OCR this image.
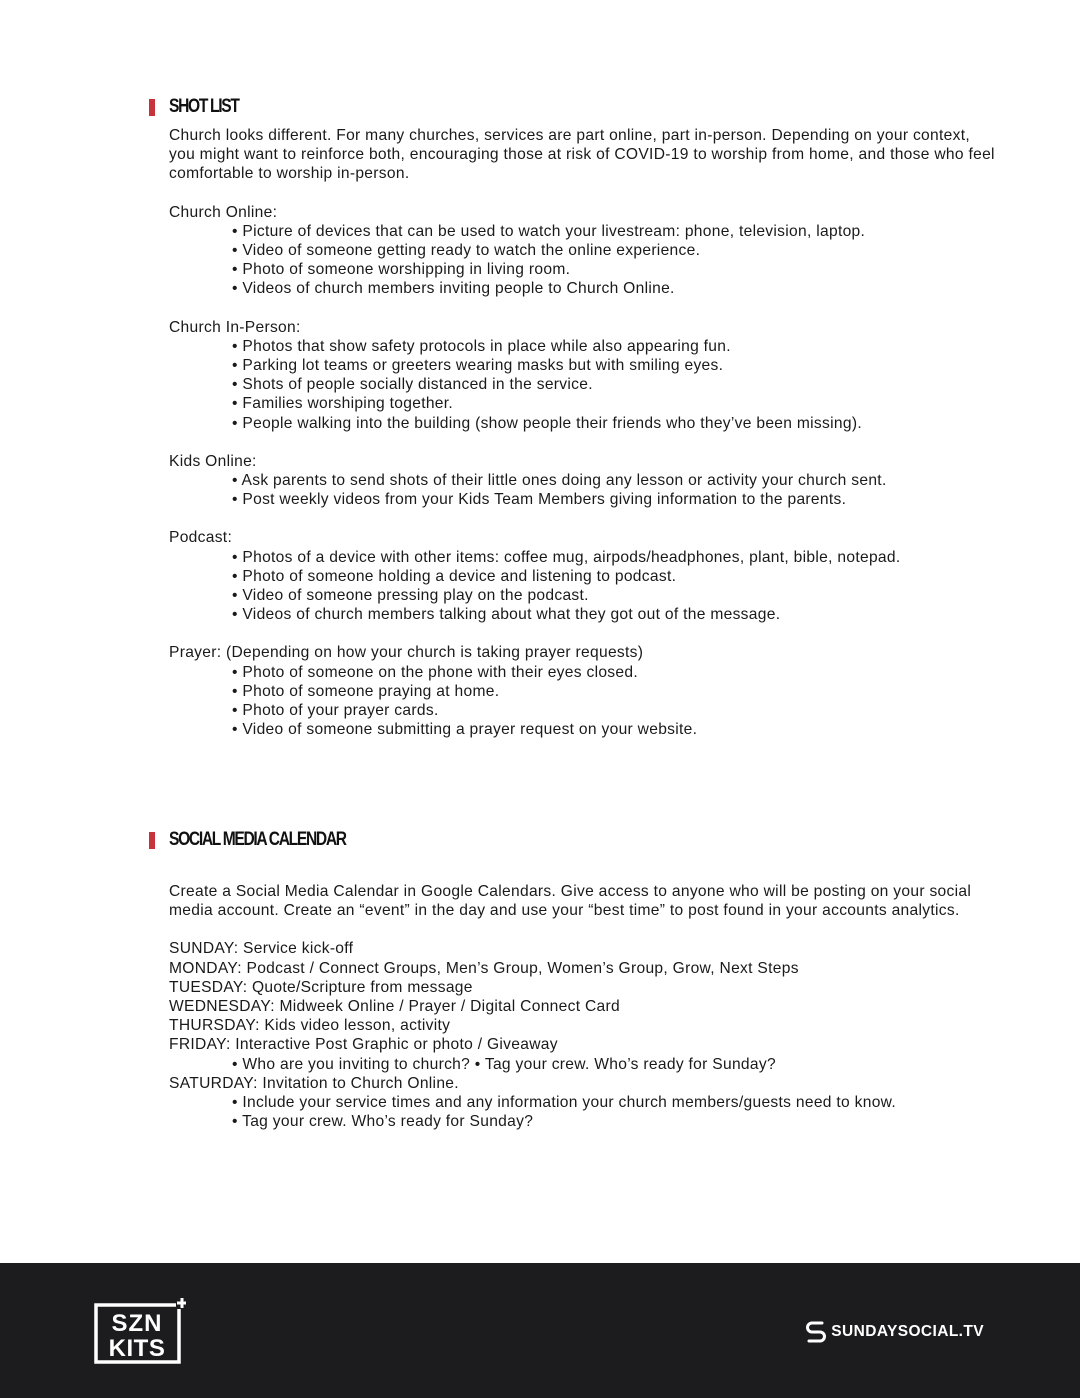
SHOT LIST

Church looks different. For many churches, services are part online, part in-person. Depending on your context, you might want to reinforce both, encouraging those at risk of COVID-19 to worship from home, and those who feel comfortable to worship in-person.

Church Online:

• Picture of devices that can be used to watch your livestream: phone, television, laptop.

• Video of someone getting ready to watch the online experience.

• Photo of someone worshipping in living room.

• Videos of church members inviting people to Church Online.

Church In-Person:

• Photos that show safety protocols in place while also appearing fun.

• Parking lot teams or greeters wearing masks but with smiling eyes.

• Shots of people socially distanced in the service.

• Families worshiping together.

• People walking into the building (show people their friends who they’ve been missing).

Kids Online:

• Ask parents to send shots of their little ones doing any lesson or activity your church sent.

• Post weekly videos from your Kids Team Members giving information to the parents.

Podcast:

• Photos of a device with other items: coffee mug, airpods/headphones, plant, bible, notepad.

• Photo of someone holding a device and listening to podcast.

• Video of someone pressing play on the podcast.

• Videos of church members talking about what they got out of the message.

Prayer: (Depending on how your church is taking prayer requests)

• Photo of someone on the phone with their eyes closed.

• Photo of someone praying at home.

• Photo of your prayer cards.

• Video of someone submitting a prayer request on your website.

SOCIAL MEDIA CALENDAR

Create a Social Media Calendar in Google Calendars. Give access to anyone who will be posting on your social media account. Create an “event” in the day and use your “best time” to post found in your accounts analytics.

SUNDAY: Service kick-off

MONDAY: Podcast / Connect Groups, Men’s Group, Women’s Group, Grow, Next Steps

TUESDAY: Quote/Scripture from message

WEDNESDAY: Midweek Online / Prayer / Digital Connect Card

THURSDAY: Kids video lesson, activity

FRIDAY: Interactive Post Graphic or photo / Giveaway

• Who are you inviting to church? • Tag your crew. Who’s ready for Sunday?

SATURDAY: Invitation to Church Online.

• Include your service times and any information your church members/guests need to know.

• Tag your crew. Who’s ready for Sunday?

SZN
KITS
SUNDAYSOCIAL.TV
